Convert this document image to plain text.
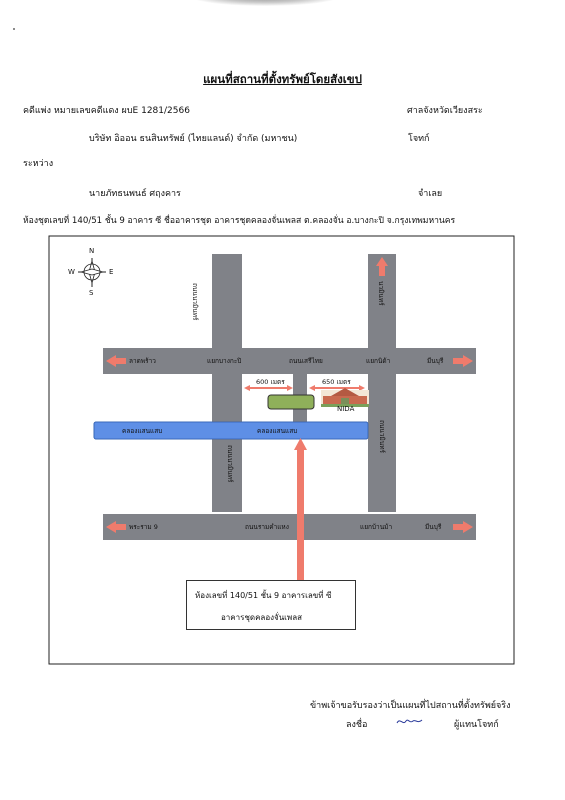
แผนที่สถานที่ตั้งทรัพย์โดยสังเขป
คดีแพ่ง หมายเลขคดีแดง ผบE 1281/2566	ศาลจังหวัดเวียงสระ
บริษัท อิออน ธนสินทรัพย์ (ไทยแลนด์) จำกัด (มหาชน)	โจทก์
ระหว่าง
นายภัทธนพนธ์ ศฤงคาร	จำเลย
ห้องชุดเลขที่ 140/51 ชั้น 9 อาคาร ซี ชื่ออาคารชุด อาคารชุดคลองจั่นเพลส ต.คลองจั่น อ.บางกะปิ จ.กรุงเทพมหานคร
N
S
E
W
ถนนนวมินทร์	นวมินทร์
ถนนนวมินทร์
ถนนวมินทร์
ลาดพร้าว	แยกบางกะปิ	ถนนเสรีไทย	แยกนิด้า	มีนบุรี
พระราม 9	ถนนรามคำแหง	แยกบ้านม้า	มีนบุรี
คลองแสนแสบ	คลองแสนแสบ
600 เมตร	650 เมตร
NIDA
ห้องเลขที่ 140/51 ชั้น 9 อาคารเลขที่ ซี
อาคารชุดคลองจั่นเพลส
ข้าพเจ้าขอรับรองว่าเป็นแผนที่ไปสถานที่ตั้งทรัพย์จริง
ลงชื่อ	ผู้แทนโจทก์
